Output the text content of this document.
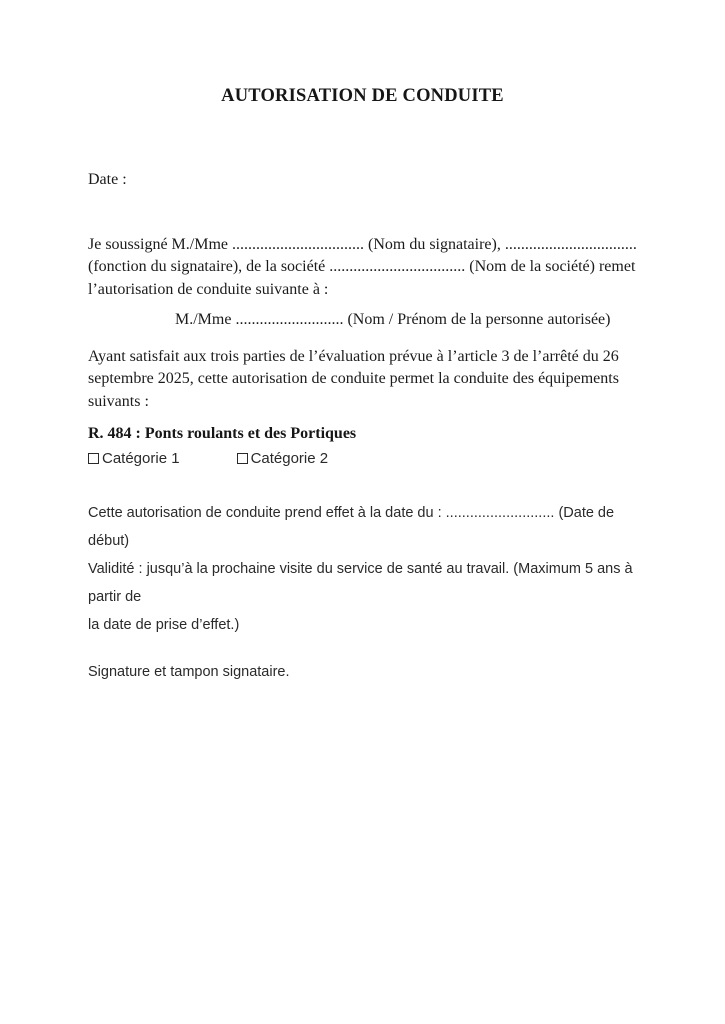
AUTORISATION DE CONDUITE
Date :
Je soussigné M./Mme ................................. (Nom du signataire), .................................
(fonction du signataire), de la société .................................. (Nom de la société) remet
l’autorisation de conduite suivante à :
M./Mme ........................... (Nom / Prénom de la personne autorisée)
Ayant satisfait aux trois parties de l’évaluation prévue à l’article 3 de l’arrêté du 26
septembre 2025, cette autorisation de conduite permet la conduite des équipements
suivants :
R. 484 : Ponts roulants et des Portiques
Catégorie 1	Catégorie 2
Cette autorisation de conduite prend effet à la date du : ........................... (Date de début)
Validité : jusqu’à la prochaine visite du service de santé au travail. (Maximum 5 ans à partir de
la date de prise d’effet.)
Signature et tampon signataire.
